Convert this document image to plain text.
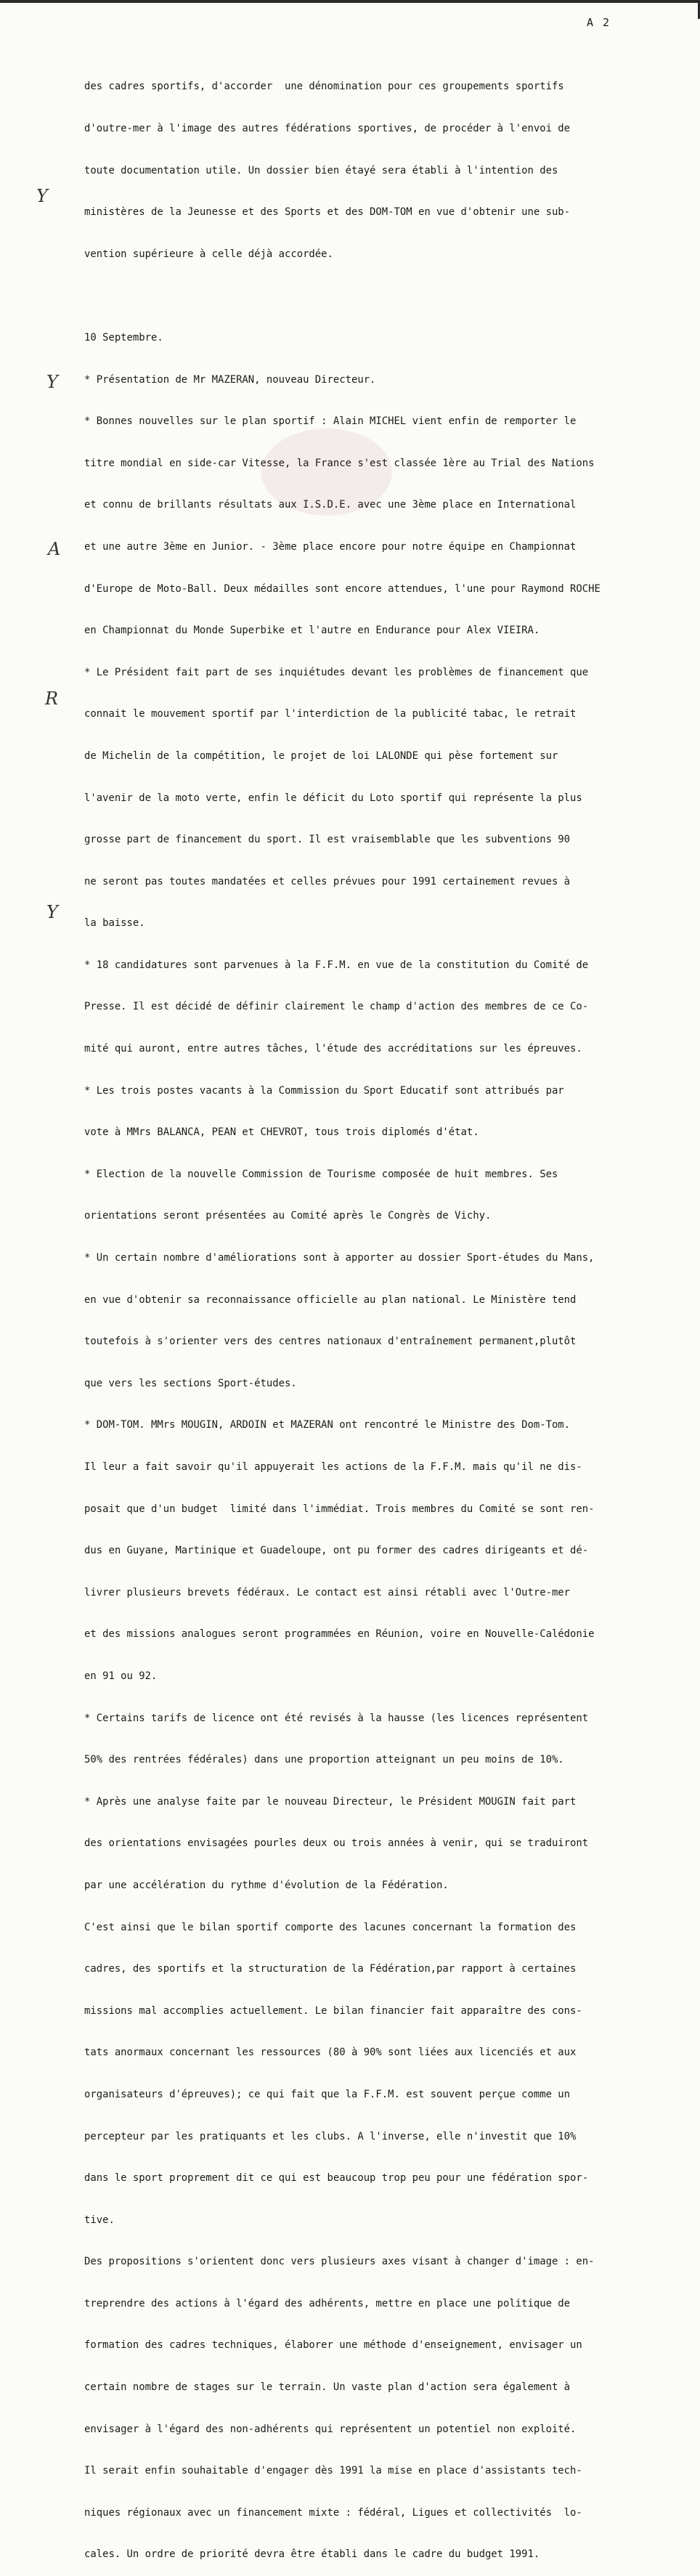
A 2

des cadres sportifs, d'accorder  une dénomination pour ces groupements sportifs

d'outre-mer à l'image des autres fédérations sportives, de procéder à l'envoi de

toute documentation utile. Un dossier bien étayé sera établi à l'intention des

ministères de la Jeunesse et des Sports et des DOM-TOM en vue d'obtenir une sub-

vention supérieure à celle déjà accordée.

10 Septembre.

* Présentation de Mr MAZERAN, nouveau Directeur.

* Bonnes nouvelles sur le plan sportif : Alain MICHEL vient enfin de remporter le

titre mondial en side-car Vitesse, la France s'est classée 1ère au Trial des Nations

et connu de brillants résultats aux I.S.D.E. avec une 3ème place en International

et une autre 3ème en Junior. - 3ème place encore pour notre équipe en Championnat

d'Europe de Moto-Ball. Deux médailles sont encore attendues, l'une pour Raymond ROCHE

en Championnat du Monde Superbike et l'autre en Endurance pour Alex VIEIRA.

* Le Président fait part de ses inquiétudes devant les problèmes de financement que

connait le mouvement sportif par l'interdiction de la publicité tabac, le retrait

de Michelin de la compétition, le projet de loi LALONDE qui pèse fortement sur

l'avenir de la moto verte, enfin le déficit du Loto sportif qui représente la plus

grosse part de financement du sport. Il est vraisemblable que les subventions 90

ne seront pas toutes mandatées et celles prévues pour 1991 certainement revues à

la baisse.

* 18 candidatures sont parvenues à la F.F.M. en vue de la constitution du Comité de

Presse. Il est décidé de définir clairement le champ d'action des membres de ce Co-

mité qui auront, entre autres tâches, l'étude des accréditations sur les épreuves.

* Les trois postes vacants à la Commission du Sport Educatif sont attribués par

vote à MMrs BALANCA, PEAN et CHEVROT, tous trois diplomés d'état.

* Election de la nouvelle Commission de Tourisme composée de huit membres. Ses

orientations seront présentées au Comité après le Congrès de Vichy.

* Un certain nombre d'améliorations sont à apporter au dossier Sport-études du Mans,

en vue d'obtenir sa reconnaissance officielle au plan national. Le Ministère tend

toutefois à s'orienter vers des centres nationaux d'entraînement permanent,plutôt

que vers les sections Sport-études.

* DOM-TOM. MMrs MOUGIN, ARDOIN et MAZERAN ont rencontré le Ministre des Dom-Tom.

Il leur a fait savoir qu'il appuyerait les actions de la F.F.M. mais qu'il ne dis-

posait que d'un budget  limité dans l'immédiat. Trois membres du Comité se sont ren-

dus en Guyane, Martinique et Guadeloupe, ont pu former des cadres dirigeants et dé-

livrer plusieurs brevets fédéraux. Le contact est ainsi rétabli avec l'Outre-mer

et des missions analogues seront programmées en Réunion, voire en Nouvelle-Calédonie

en 91 ou 92.

* Certains tarifs de licence ont été revisés à la hausse (les licences représentent

50% des rentrées fédérales) dans une proportion atteignant un peu moins de 10%.

* Après une analyse faite par le nouveau Directeur, le Président MOUGIN fait part

des orientations envisagées pourles deux ou trois années à venir, qui se traduiront

par une accélération du rythme d'évolution de la Fédération.

C'est ainsi que le bilan sportif comporte des lacunes concernant la formation des

cadres, des sportifs et la structuration de la Fédération,par rapport à certaines

missions mal accomplies actuellement. Le bilan financier fait apparaître des cons-

tats anormaux concernant les ressources (80 à 90% sont liées aux licenciés et aux

organisateurs d'épreuves); ce qui fait que la F.F.M. est souvent perçue comme un

percepteur par les pratiquants et les clubs. A l'inverse, elle n'investit que 10%

dans le sport proprement dit ce qui est beaucoup trop peu pour une fédération spor-

tive.

Des propositions s'orientent donc vers plusieurs axes visant à changer d'image : en-

treprendre des actions à l'égard des adhérents, mettre en place une politique de

formation des cadres techniques, élaborer une méthode d'enseignement, envisager un

certain nombre de stages sur le terrain. Un vaste plan d'action sera également à

envisager à l'égard des non-adhérents qui représentent un potentiel non exploité.

Il serait enfin souhaitable d'engager dès 1991 la mise en place d'assistants tech-

niques régionaux avec un financement mixte : fédéral, Ligues et collectivités  lo-

cales. Un ordre de priorité devra être établi dans le cadre du budget 1991.

Y
Y
A
R
Y
